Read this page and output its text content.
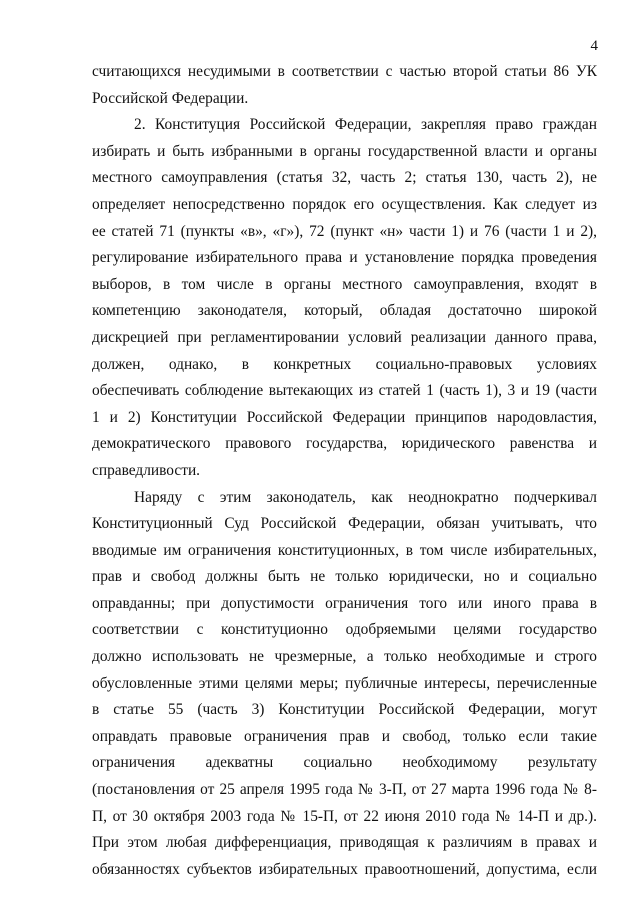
4
считающихся несудимыми в соответствии с частью второй статьи 86 УК
Российской Федерации.
2. Конституция Российской Федерации, закрепляя право граждан
избирать и быть избранными в органы государственной власти и органы
местного самоуправления (статья 32, часть 2; статья 130, часть 2), не
определяет непосредственно порядок его осуществления. Как следует из
ее статей 71 (пункты «в», «г»), 72 (пункт «н» части 1) и 76 (части 1 и 2),
регулирование избирательного права и установление порядка проведения
выборов, в том числе в органы местного самоуправления, входят в
компетенцию законодателя, который, обладая достаточно широкой
дискрецией при регламентировании условий реализации данного права,
должен, однако, в конкретных социально-правовых условиях
обеспечивать соблюдение вытекающих из статей 1 (часть 1), 3 и 19 (части
1 и 2) Конституции Российской Федерации принципов народовластия,
демократического правового государства, юридического равенства и
справедливости.
Наряду с этим законодатель, как неоднократно подчеркивал
Конституционный Суд Российской Федерации, обязан учитывать, что
вводимые им ограничения конституционных, в том числе избирательных,
прав и свобод должны быть не только юридически, но и социально
оправданны; при допустимости ограничения того или иного права в
соответствии с конституционно одобряемыми целями государство
должно использовать не чрезмерные, а только необходимые и строго
обусловленные этими целями меры; публичные интересы, перечисленные
в статье 55 (часть 3) Конституции Российской Федерации, могут
оправдать правовые ограничения прав и свобод, только если такие
ограничения адекватны социально необходимому результату
(постановления от 25 апреля 1995 года № 3-П, от 27 марта 1996 года № 8-
П, от 30 октября 2003 года № 15-П, от 22 июня 2010 года № 14-П и др.).
При этом любая дифференциация, приводящая к различиям в правах и
обязанностях субъектов избирательных правоотношений, допустима, если
